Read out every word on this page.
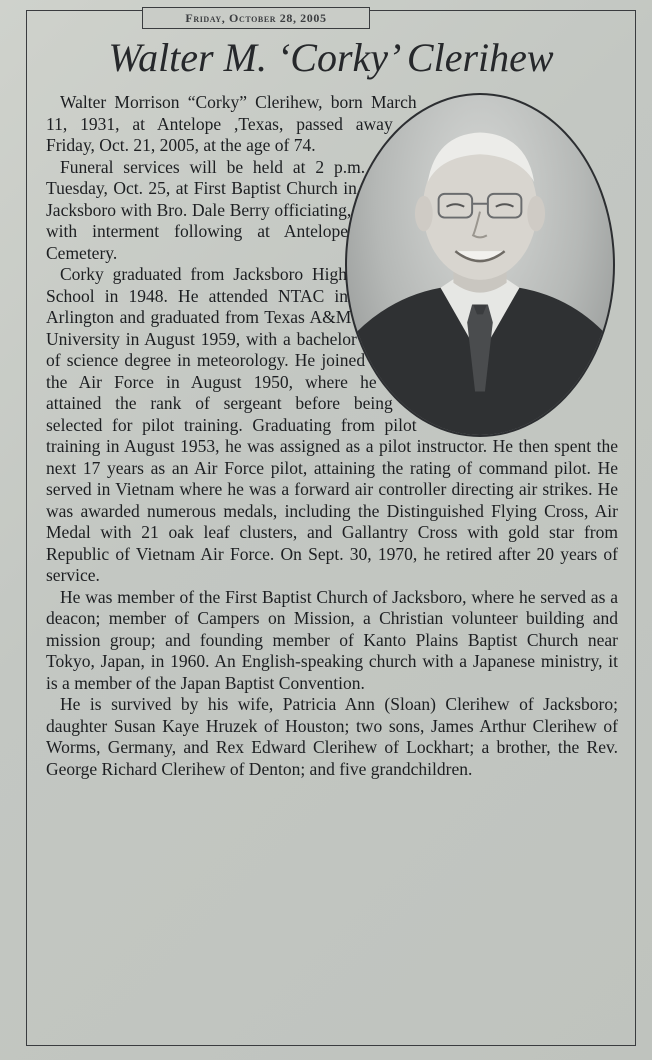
Friday, October 28, 2005
Walter M. ‘Corky’ Clerihew

Walter Morrison “Corky” Clerihew, born March 11, 1931, at Antelope ,Texas, passed away Friday, Oct. 21, 2005, at the age of 74.

Funeral services will be held at 2 p.m. Tuesday, Oct. 25, at First Baptist Church in Jacksboro with Bro. Dale Berry officiating, with interment following at Antelope Cemetery.

Corky graduated from Jacksboro High School in 1948. He attended NTAC in Arlington and graduated from Texas A&M University in August 1959, with a bachelor of science degree in meteorology. He joined the Air Force in August 1950, where he attained the rank of sergeant before being selected for pilot training. Graduating from pilot training in August 1953, he was assigned as a pilot instructor. He then spent the next 17 years as an Air Force pilot, attaining the rating of command pilot. He served in Vietnam where he was a forward air controller directing air strikes. He was awarded numerous medals, including the Distinguished Flying Cross, Air Medal with 21 oak leaf clusters, and Gallantry Cross with gold star from Republic of Vietnam Air Force. On Sept. 30, 1970, he retired after 20 years of service.

He was member of the First Baptist Church of Jacksboro, where he served as a deacon; member of Campers on Mission, a Christian volunteer building and mission group; and founding member of Kanto Plains Baptist Church near Tokyo, Japan, in 1960. An English-speaking church with a Japanese ministry, it is a member of the Japan Baptist Convention.

He is survived by his wife, Patricia Ann (Sloan) Clerihew of Jacksboro; daughter Susan Kaye Hruzek of Houston; two sons, James Arthur Clerihew of Worms, Germany, and Rex Edward Clerihew of Lockhart; a brother, the Rev. George Richard Clerihew of Denton; and five grandchildren.
